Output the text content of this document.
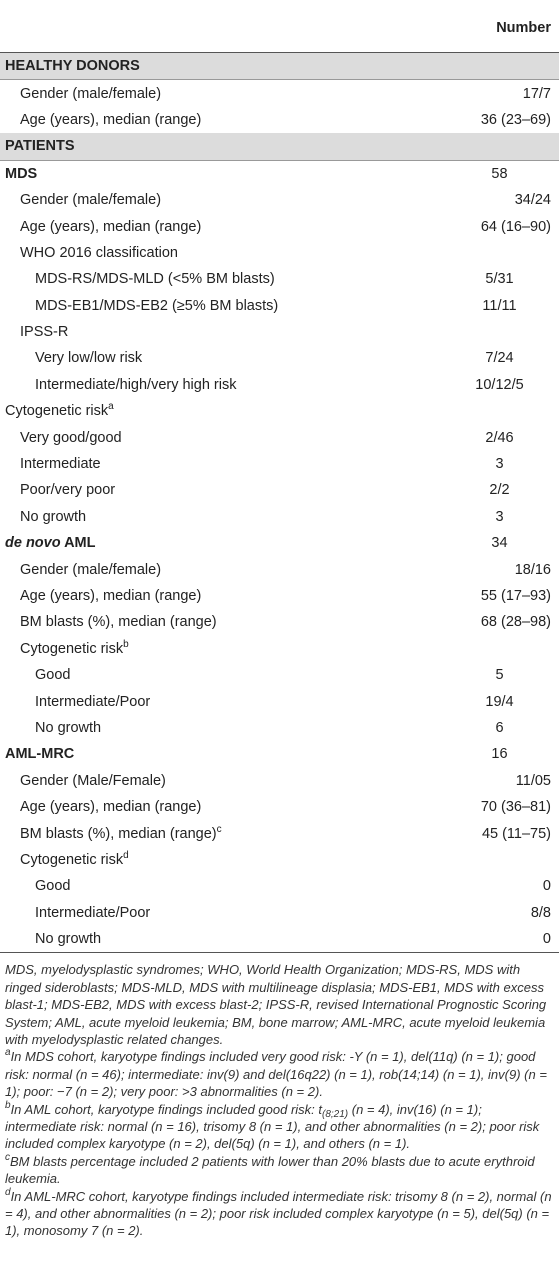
	Number
HEALTHY DONORS	
Gender (male/female)	17/7
Age (years), median (range)	36 (23–69)
PATIENTS	
MDS	58
Gender (male/female)	34/24
Age (years), median (range)	64 (16–90)
WHO 2016 classification	
MDS-RS/MDS-MLD (<5% BM blasts)	5/31
MDS-EB1/MDS-EB2 (≥5% BM blasts)	11/11
IPSS-R	
Very low/low risk	7/24
Intermediate/high/very high risk	10/12/5
Cytogenetic risk$^a$	
Very good/good	2/46
Intermediate	3
Poor/very poor	2/2
No growth	3
de novo AML	34
Gender (male/female)	18/16
Age (years), median (range)	55 (17–93)
BM blasts (%), median (range)	68 (28–98)
Cytogenetic risk$^b$	
Good	5
Intermediate/Poor	19/4
No growth	6
AML-MRC	16
Gender (Male/Female)	11/05
Age (years), median (range)	70 (36–81)
BM blasts (%), median (range)$^c$	45 (11–75)
Cytogenetic risk$^d$	
Good	0
Intermediate/Poor	8/8
No growth	0

MDS, myelodysplastic syndromes; WHO, World Health Organization; MDS-RS, MDS with ringed sideroblasts; MDS-MLD, MDS with multilineage displasia; MDS-EB1, MDS with excess blast-1; MDS-EB2, MDS with excess blast-2; IPSS-R, revised International Prognostic Scoring System; AML, acute myeloid leukemia; BM, bone marrow; AML-MRC, acute myeloid leukemia with myelodysplastic related changes.

$^a$In MDS cohort, karyotype findings included very good risk: -Y (n = 1), del(11q) (n = 1); good risk: normal (n = 46); intermediate: inv(9) and del(16q22) (n = 1), rob(14;14) (n = 1), inv(9) (n = 1); poor: −7 (n = 2); very poor: >3 abnormalities (n = 2).

$^b$In AML cohort, karyotype findings included good risk: $t_{(8;21)}$ (n = 4), inv(16) (n = 1); intermediate risk: normal (n = 16), trisomy 8 (n = 1), and other abnormalities (n = 2); poor risk included complex karyotype (n = 2), del(5q) (n = 1), and others (n = 1).

$^c$BM blasts percentage included 2 patients with lower than 20% blasts due to acute erythroid leukemia.

$^d$In AML-MRC cohort, karyotype findings included intermediate risk: trisomy 8 (n = 2), normal (n = 4), and other abnormalities (n = 2); poor risk included complex karyotype (n = 5), del(5q) (n = 1), monosomy 7 (n = 2).
